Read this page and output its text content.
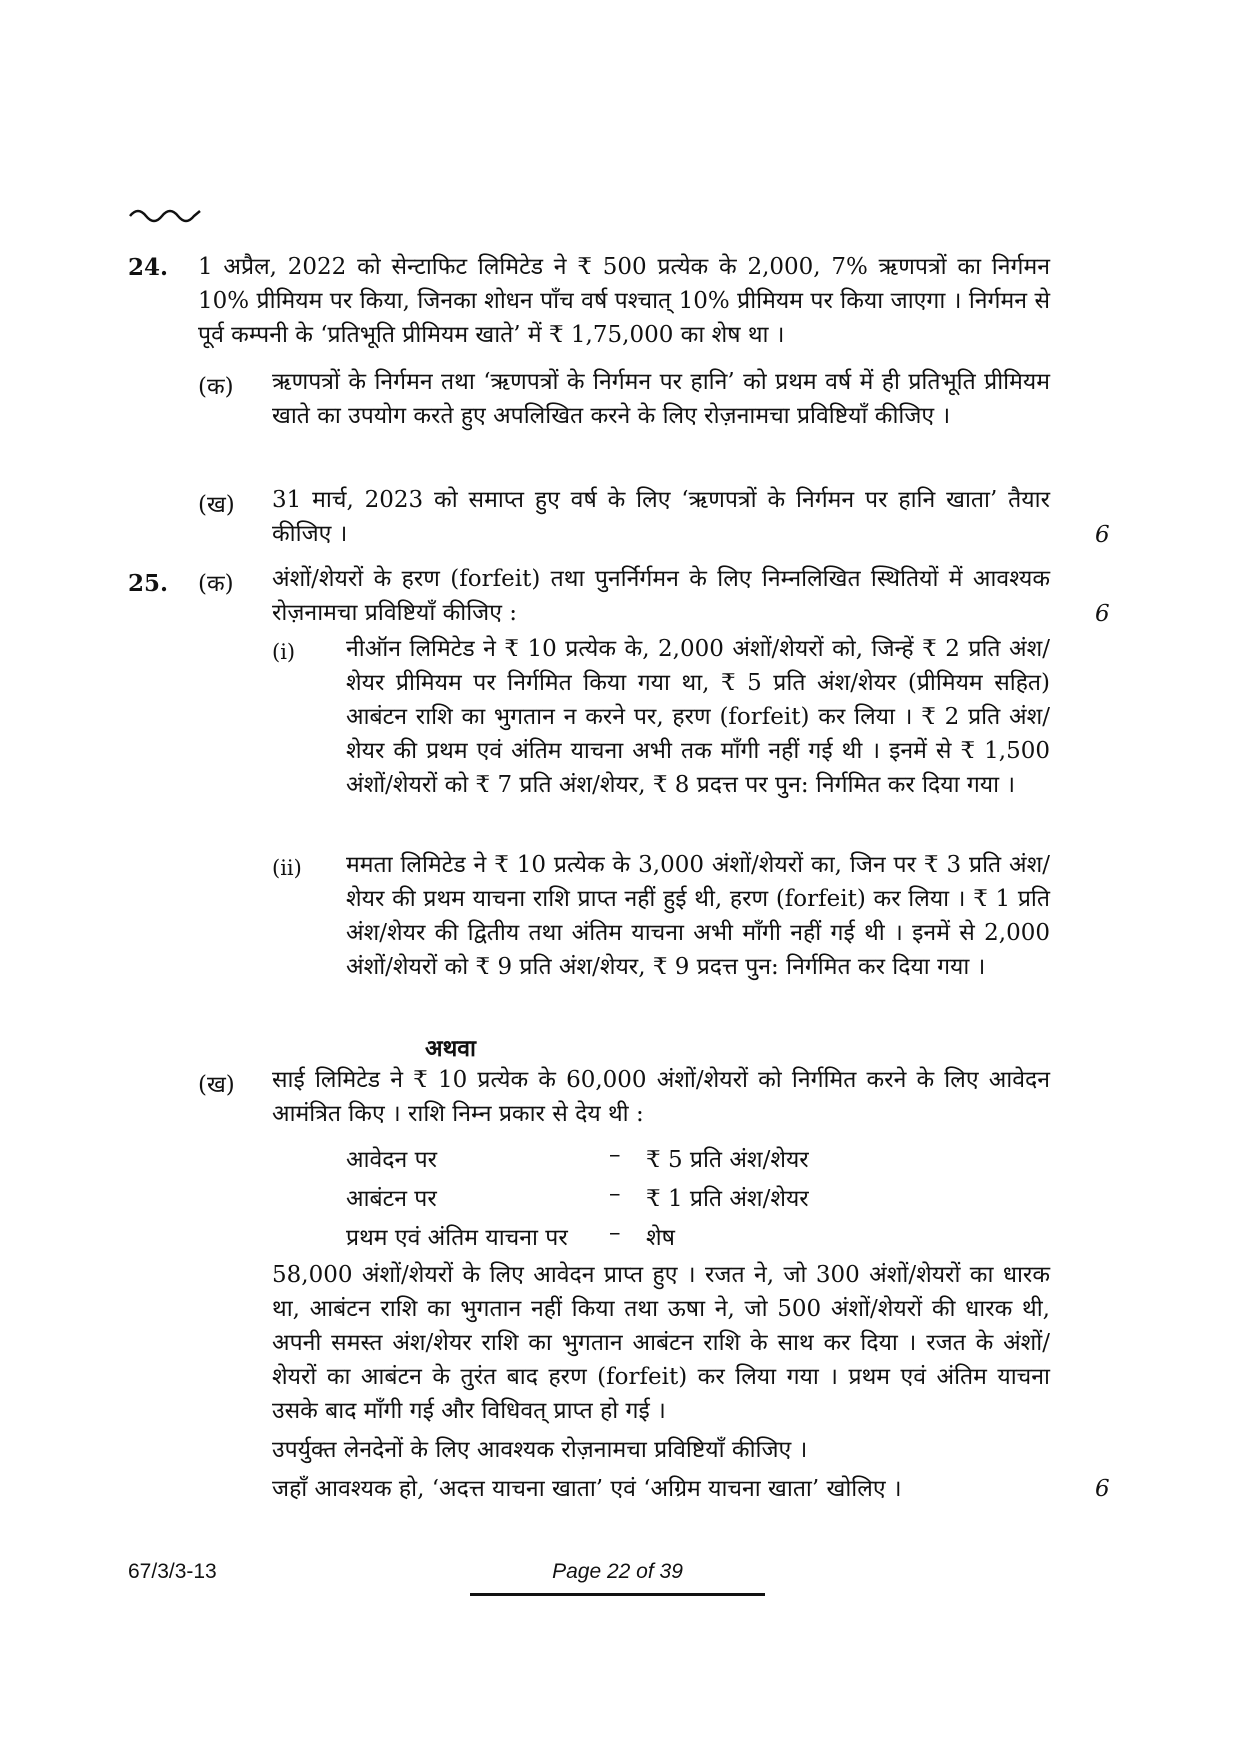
24. 1 अप्रैल, 2022 को सेन्टाफिट लिमिटेड ने ₹ 500 प्रत्येक के 2,000, 7% ऋणपत्रों का निर्गमन 10% प्रीमियम पर किया, जिनका शोधन पाँच वर्ष पश्चात् 10% प्रीमियम पर किया जाएगा । निर्गमन से पूर्व कम्पनी के ‘प्रतिभूति प्रीमियम खाते’ में ₹ 1,75,000 का शेष था ।
(क) ऋणपत्रों के निर्गमन तथा ‘ऋणपत्रों के निर्गमन पर हानि’ को प्रथम वर्ष में ही प्रतिभूति प्रीमियम खाते का उपयोग करते हुए अपलिखित करने के लिए रोज़नामचा प्रविष्टियाँ कीजिए ।
(ख) 31 मार्च, 2023 को समाप्त हुए वर्ष के लिए ‘ऋणपत्रों के निर्गमन पर हानि खाता’ तैयार कीजिए ।	6
25. (क) अंशों/शेयरों के हरण (forfeit) तथा पुनर्निर्गमन के लिए निम्नलिखित स्थितियों में आवश्यक रोज़नामचा प्रविष्टियाँ कीजिए :	6
(i) नीऑन लिमिटेड ने ₹ 10 प्रत्येक के, 2,000 अंशों/शेयरों को, जिन्हें ₹ 2 प्रति अंश/शेयर प्रीमियम पर निर्गमित किया गया था, ₹ 5 प्रति अंश/शेयर (प्रीमियम सहित) आबंटन राशि का भुगतान न करने पर, हरण (forfeit) कर लिया । ₹ 2 प्रति अंश/शेयर की प्रथम एवं अंतिम याचना अभी तक माँगी नहीं गई थी । इनमें से ₹ 1,500 अंशों/शेयरों को ₹ 7 प्रति अंश/शेयर, ₹ 8 प्रदत्त पर पुन: निर्गमित कर दिया गया ।
(ii) ममता लिमिटेड ने ₹ 10 प्रत्येक के 3,000 अंशों/शेयरों का, जिन पर ₹ 3 प्रति अंश/शेयर की प्रथम याचना राशि प्राप्त नहीं हुई थी, हरण (forfeit) कर लिया । ₹ 1 प्रति अंश/शेयर की द्वितीय तथा अंतिम याचना अभी माँगी नहीं गई थी । इनमें से 2,000 अंशों/शेयरों को ₹ 9 प्रति अंश/शेयर, ₹ 9 प्रदत्त पुन: निर्गमित कर दिया गया ।
अथवा
(ख) साई लिमिटेड ने ₹ 10 प्रत्येक के 60,000 अंशों/शेयरों को निर्गमित करने के लिए आवेदन आमंत्रित किए । राशि निम्न प्रकार से देय थी :
आवेदन पर	– ₹ 5 प्रति अंश/शेयर
आबंटन पर	– ₹ 1 प्रति अंश/शेयर
प्रथम एवं अंतिम याचना पर – शेष
58,000 अंशों/शेयरों के लिए आवेदन प्राप्त हुए । रजत ने, जो 300 अंशों/शेयरों का धारक था, आबंटन राशि का भुगतान नहीं किया तथा ऊषा ने, जो 500 अंशों/शेयरों की धारक थी, अपनी समस्त अंश/शेयर राशि का भुगतान आबंटन राशि के साथ कर दिया । रजत के अंशों/शेयरों का आबंटन के तुरंत बाद हरण (forfeit) कर लिया गया । प्रथम एवं अंतिम याचना उसके बाद माँगी गई और विधिवत् प्राप्त हो गई ।
उपर्युक्त लेनदेनों के लिए आवश्यक रोज़नामचा प्रविष्टियाँ कीजिए ।
जहाँ आवश्यक हो, ‘अदत्त याचना खाता’ एवं ‘अग्रिम याचना खाता’ खोलिए ।	6
67/3/3-13	Page 22 of 39
